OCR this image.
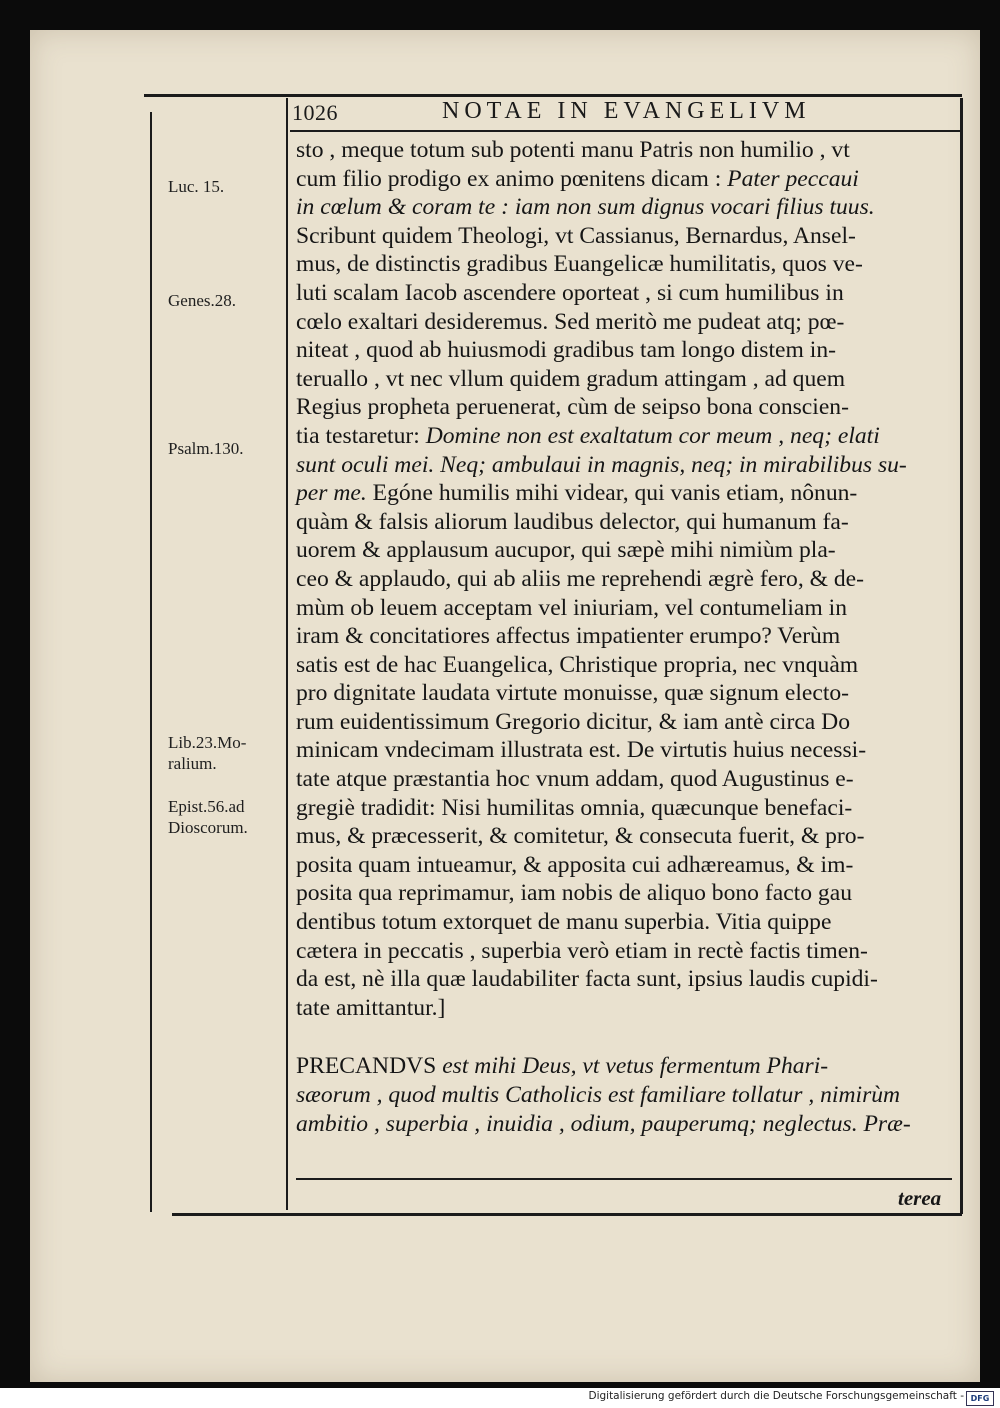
1026	NOTAE IN EVANGELIVM
Luc. 15.
Genes.28.
Psalm.130.
Lib.23.Mo-
ralium.
Epist.56.ad
Dioscorum.
sto , meque totum sub potenti manu Patris non humilio , vt
cum filio prodigo ex animo pœnitens dicam : Pater peccaui
in cœlum & coram te : iam non sum dignus vocari filius tuus.
Scribunt quidem Theologi, vt Cassianus, Bernardus, Ansel-
mus, de distinctis gradibus Euangelicæ humilitatis, quos ve-
luti scalam Iacob ascendere oporteat , si cum humilibus in
cœlo exaltari desideremus. Sed meritò me pudeat atq; pœ-
niteat , quod ab huiusmodi gradibus tam longo distem in-
teruallo , vt nec vllum quidem gradum attingam , ad quem
Regius propheta peruenerat, cùm de seipso bona conscien-
tia testaretur: Domine non est exaltatum cor meum , neq; elati
sunt oculi mei. Neq; ambulaui in magnis, neq; in mirabilibus su-
per me. Egóne humilis mihi videar, qui vanis etiam, nônun-
quàm & falsis aliorum laudibus delector, qui humanum fa-
uorem & applausum aucupor, qui sæpè mihi nimiùm pla-
ceo & applaudo, qui ab aliis me reprehendi ægrè fero, & de-
mùm ob leuem acceptam vel iniuriam, vel contumeliam in
iram & concitatiores affectus impatienter erumpo? Verùm
satis est de hac Euangelica, Christique propria, nec vnquàm
pro dignitate laudata virtute monuisse, quæ signum electo-
rum euidentissimum Gregorio dicitur, & iam antè circa Do
minicam vndecimam illustrata est. De virtutis huius necessi-
tate atque præstantia hoc vnum addam, quod Augustinus e-
gregiè tradidit: Nisi humilitas omnia, quæcunque benefaci-
mus, & præcesserit, & comitetur, & consecuta fuerit, & pro-
posita quam intueamur, & apposita cui adhæreamus, & im-
posita qua reprimamur, iam nobis de aliquo bono facto gau
dentibus totum extorquet de manu superbia. Vitia quippe
cætera in peccatis , superbia verò etiam in rectè factis timen-
da est, nè illa quæ laudabiliter facta sunt, ipsius laudis cupidi-
tate amittantur.]
PRECANDVS est mihi Deus, vt vetus fermentum Phari-
sæorum , quod multis Catholicis est familiare tollatur , nimirùm
ambitio , superbia , inuidia , odium, pauperumq; neglectus. Præ-
terea
Digitalisierung gefördert durch die Deutsche Forschungsgemeinschaft - DFG
